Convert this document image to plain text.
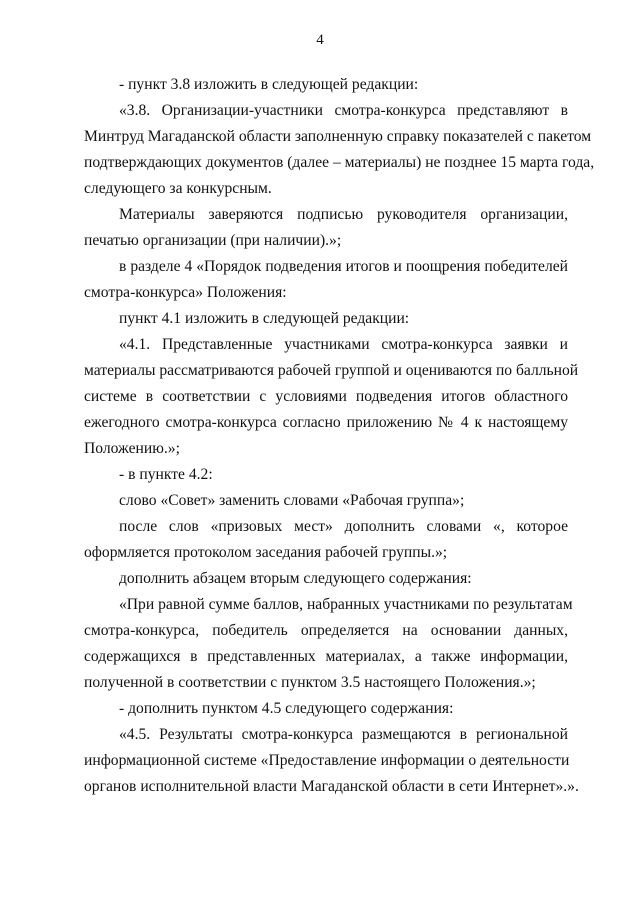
4
- пункт 3.8 изложить в следующей редакции:
«3.8. Организации-участники смотра-конкурса представляют в
Минтруд Магаданской области заполненную справку показателей с пакетом
подтверждающих документов (далее – материалы) не позднее 15 марта года,
следующего за конкурсным.
Материалы заверяются подписью руководителя организации,
печатью организации (при наличии).»;
в разделе 4 «Порядок подведения итогов и поощрения победителей
смотра-конкурса» Положения:
пункт 4.1 изложить в следующей редакции:
«4.1. Представленные участниками смотра-конкурса заявки и
материалы рассматриваются рабочей группой и оцениваются по балльной
системе в соответствии с условиями подведения итогов областного
ежегодного смотра-конкурса согласно приложению № 4 к настоящему
Положению.»;
- в пункте 4.2:
слово «Совет» заменить словами «Рабочая группа»;
после слов «призовых мест» дополнить словами «, которое
оформляется протоколом заседания рабочей группы.»;
дополнить абзацем вторым следующего содержания:
«При равной сумме баллов, набранных участниками по результатам
смотра-конкурса, победитель определяется на основании данных,
содержащихся в представленных материалах, а также информации,
полученной в соответствии с пунктом 3.5 настоящего Положения.»;
- дополнить пунктом 4.5 следующего содержания:
«4.5. Результаты смотра-конкурса размещаются в региональной
информационной системе «Предоставление информации о деятельности
органов исполнительной власти Магаданской области в сети Интернет».».
